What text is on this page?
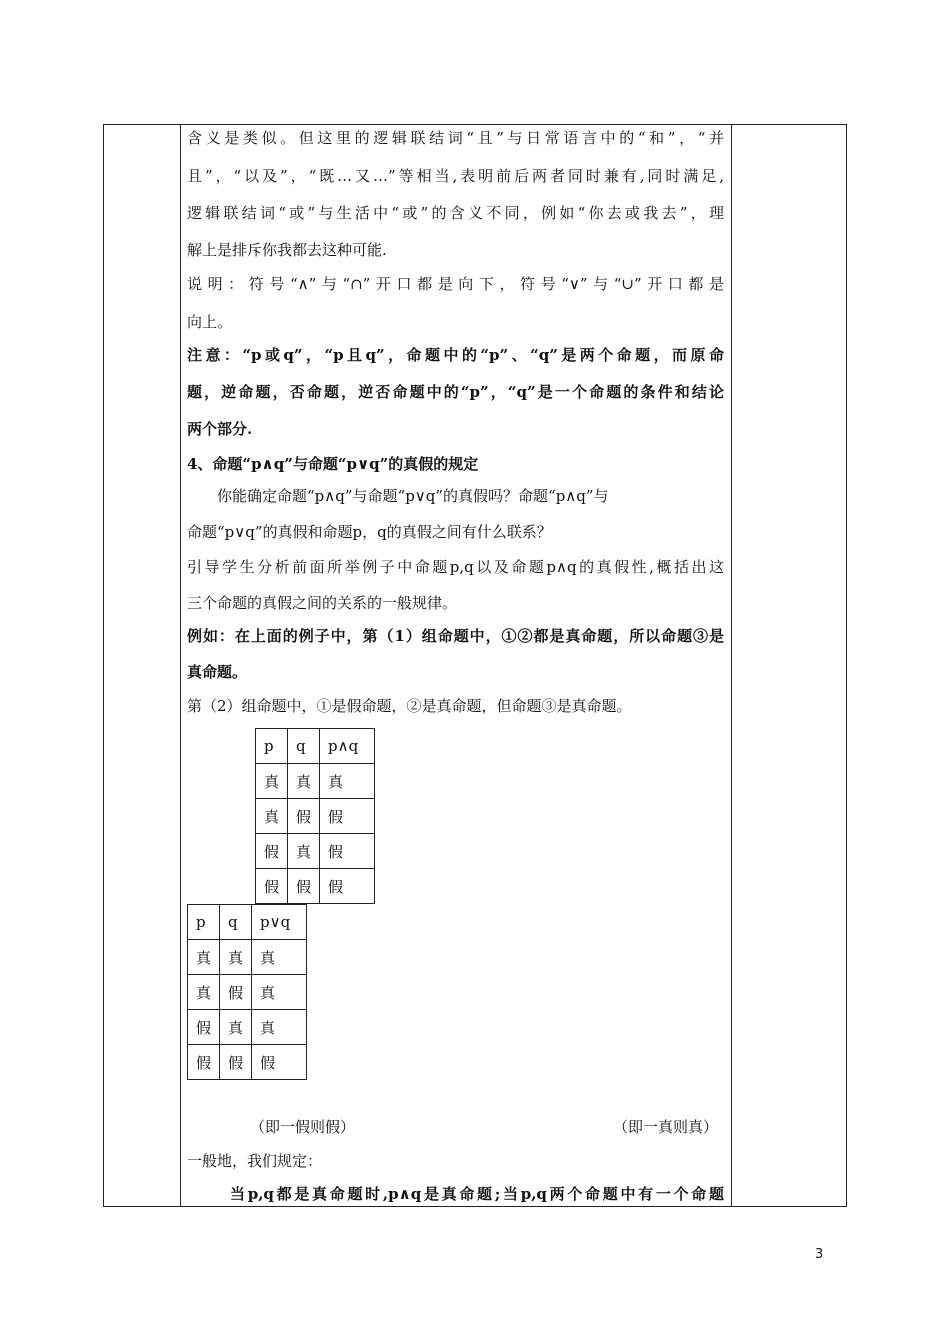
含义是类似。但这里的逻辑联结词“且”与日常语言中的“和”，“并
且”，“以及”，“既…又…”等相当,表明前后两者同时兼有,同时满足,
逻辑联结词“或”与生活中“或”的含义不同，例如“你去或我去”，理
解上是排斥你我都去这种可能.
说明：符号“∧”与“∩”开口都是向下，符号“∨”与“∪”开口都是
向上。
注意：“p或q”，“p且q”，命题中的“p”、“q”是两个命题，而原命
题，逆命题，否命题，逆否命题中的“p”，“q”是一个命题的条件和结论
两个部分.
4、命题“p∧q”与命题“p∨q”的真假的规定
你能确定命题“p∧q”与命题“p∨q”的真假吗？命题“p∧q”与
命题“p∨q”的真假和命题p，q的真假之间有什么联系？
引导学生分析前面所举例子中命题p,q以及命题p∧q的真假性,概括出这
三个命题的真假之间的关系的一般规律。
例如：在上面的例子中，第（1）组命题中，①②都是真命题，所以命题③是
真命题。
第（2）组命题中，①是假命题，②是真命题，但命题③是真命题。
p	q	p∧q
真	真	真
真	假	假
假	真	假
假	假	假
p	q	p∨q
真	真	真
真	假	真
假	真	真
假	假	假
（即一假则假）	（即一真则真）
一般地，我们规定：
当p,q都是真命题时,p∧q是真命题;当p,q两个命题中有一个命题
3
